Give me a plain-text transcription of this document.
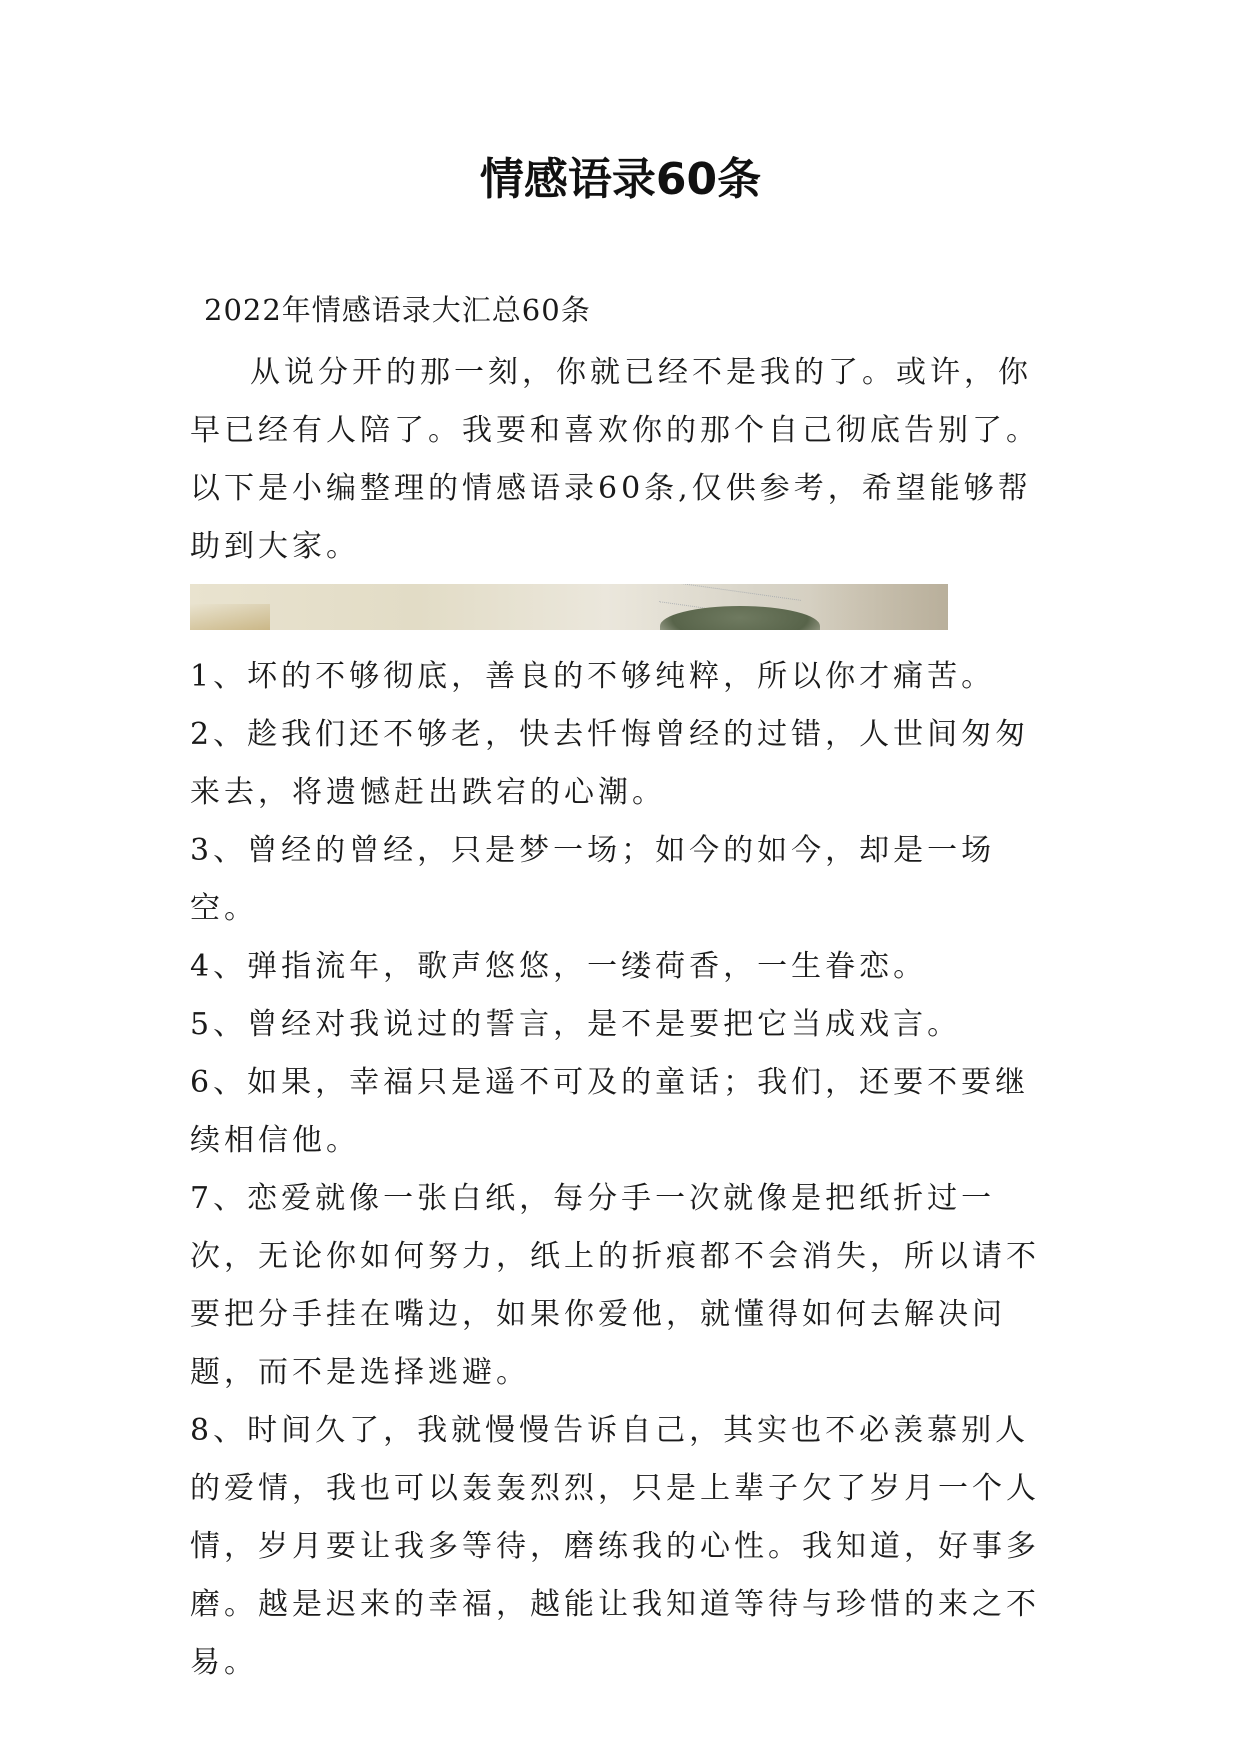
情感语录60条
2022年情感语录大汇总60条

从说分开的那一刻，你就已经不是我的了。或许，你早已经有人陪了。我要和喜欢你的那个自己彻底告别了。以下是小编整理的情感语录60条,仅供参考，希望能够帮助到大家。

1、坏的不够彻底，善良的不够纯粹，所以你才痛苦。

2、趁我们还不够老，快去忏悔曾经的过错，人世间匆匆来去，将遗憾赶出跌宕的心潮。

3、曾经的曾经，只是梦一场；如今的如今，却是一场空。

4、弹指流年，歌声悠悠，一缕荷香，一生眷恋。

5、曾经对我说过的誓言，是不是要把它当成戏言。

6、如果，幸福只是遥不可及的童话；我们，还要不要继续相信他。

7、恋爱就像一张白纸，每分手一次就像是把纸折过一次，无论你如何努力，纸上的折痕都不会消失，所以请不要把分手挂在嘴边，如果你爱他，就懂得如何去解决问题，而不是选择逃避。

8、时间久了，我就慢慢告诉自己，其实也不必羡慕别人的爱情，我也可以轰轰烈烈，只是上辈子欠了岁月一个人情，岁月要让我多等待，磨练我的心性。我知道，好事多磨。越是迟来的幸福，越能让我知道等待与珍惜的来之不易。
